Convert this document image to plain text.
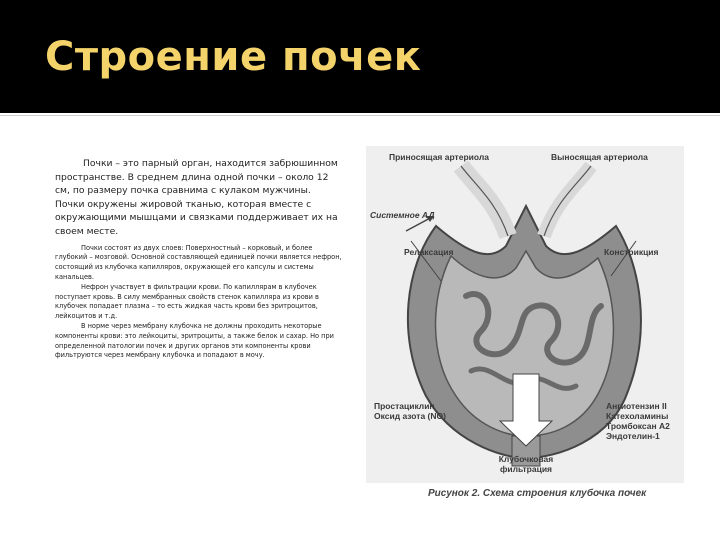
Строение почек

Почки – это парный орган, находится забрюшинном пространстве. В среднем длина одной почки – около 12 см, по размеру почка сравнима с кулаком мужчины. Почки окружены жировой тканью, которая вместе с окружающими мышцами и связками поддерживает их на своем месте.

Почки состоят из двух слоев: Поверхностный – корковый, и более глубокий – мозговой. Основной составляющей единицей почки является нефрон, состоящий из клубочка капилляров, окружающей его капсулы и системы канальцев.

Нефрон участвует в фильтрации крови. По капиллярам в клубочек поступает кровь. В силу мембранных свойств стенок капилляра из крови в клубочек попадает плазма – то есть жидкая часть крови без эритроцитов, лейкоцитов и т.д.

В норме через мембрану клубочка не должны проходить некоторые компоненты крови: это лейкоциты, эритроциты, а также белок и сахар. Но при определенной патологии почек и других органов эти компоненты крови фильтруются через мембрану клубочка и попадают в мочу.

Приносящая артериола	Выносящая артериола
Системное АД
Релаксация	Констрикция
Простациклин Оксид азота (NO)
Ангиотензин II Катехоламины Тромбоксан А2 Эндотелин-1
Клубочковая фильтрация
Рисунок 2. Схема строения клубочка почек
